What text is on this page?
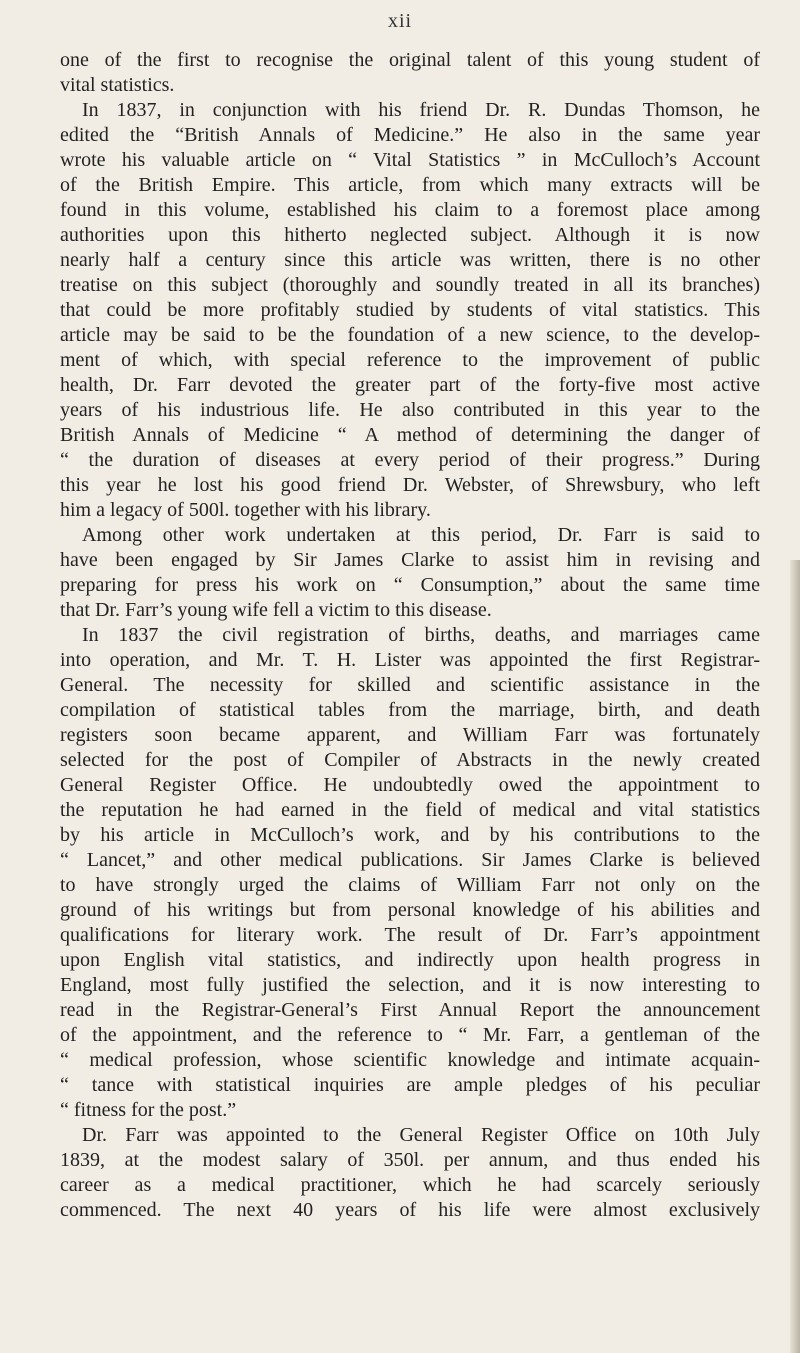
xii
one of the first to recognise the original talent of this young student of
vital statistics.
In 1837, in conjunction with his friend Dr. R. Dundas Thomson, he
edited the “British Annals of Medicine.” He also in the same year
wrote his valuable article on “ Vital Statistics ” in McCulloch’s Account
of the British Empire. This article, from which many extracts will be
found in this volume, established his claim to a foremost place among
authorities upon this hitherto neglected subject. Although it is now
nearly half a century since this article was written, there is no other
treatise on this subject (thoroughly and soundly treated in all its branches)
that could be more profitably studied by students of vital statistics. This
article may be said to be the foundation of a new science, to the develop-
ment of which, with special reference to the improvement of public
health, Dr. Farr devoted the greater part of the forty-five most active
years of his industrious life. He also contributed in this year to the
British Annals of Medicine “ A method of determining the danger of
“ the duration of diseases at every period of their progress.” During
this year he lost his good friend Dr. Webster, of Shrewsbury, who left
him a legacy of 500l. together with his library.
Among other work undertaken at this period, Dr. Farr is said to
have been engaged by Sir James Clarke to assist him in revising and
preparing for press his work on “ Consumption,” about the same time
that Dr. Farr’s young wife fell a victim to this disease.
In 1837 the civil registration of births, deaths, and marriages came
into operation, and Mr. T. H. Lister was appointed the first Registrar-
General. The necessity for skilled and scientific assistance in the
compilation of statistical tables from the marriage, birth, and death
registers soon became apparent, and William Farr was fortunately
selected for the post of Compiler of Abstracts in the newly created
General Register Office. He undoubtedly owed the appointment to
the reputation he had earned in the field of medical and vital statistics
by his article in McCulloch’s work, and by his contributions to the
“ Lancet,” and other medical publications. Sir James Clarke is believed
to have strongly urged the claims of William Farr not only on the
ground of his writings but from personal knowledge of his abilities and
qualifications for literary work. The result of Dr. Farr’s appointment
upon English vital statistics, and indirectly upon health progress in
England, most fully justified the selection, and it is now interesting to
read in the Registrar-General’s First Annual Report the announcement
of the appointment, and the reference to “ Mr. Farr, a gentleman of the
“ medical profession, whose scientific knowledge and intimate acquain-
“ tance with statistical inquiries are ample pledges of his peculiar
“ fitness for the post.”
Dr. Farr was appointed to the General Register Office on 10th July
1839, at the modest salary of 350l. per annum, and thus ended his
career as a medical practitioner, which he had scarcely seriously
commenced. The next 40 years of his life were almost exclusively
